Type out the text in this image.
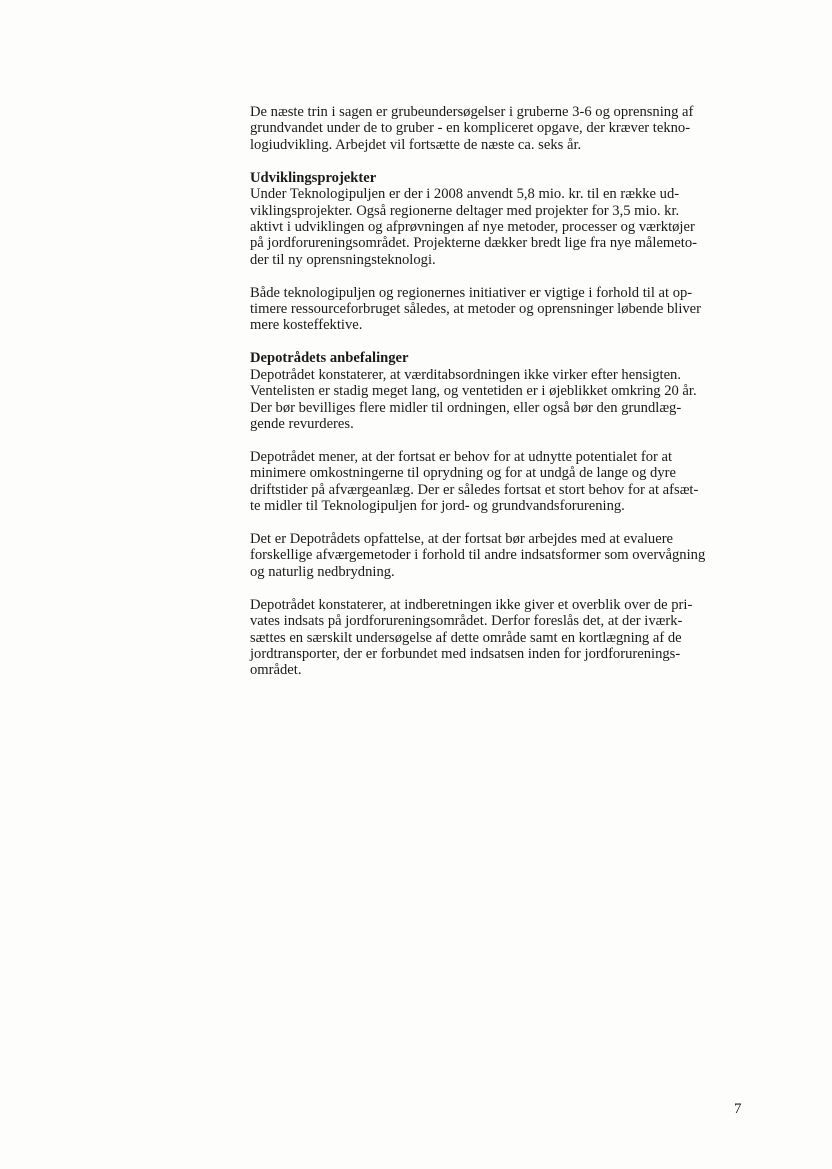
De næste trin i sagen er grubeundersøgelser i gruberne 3-6 og oprensning af
grundvandet under de to gruber - en kompliceret opgave, der kræver tekno-
logiudvikling. Arbejdet vil fortsætte de næste ca. seks år.
Udviklingsprojekter
Under Teknologipuljen er der i 2008 anvendt 5,8 mio. kr. til en række ud-
viklingsprojekter. Også regionerne deltager med projekter for 3,5 mio. kr.
aktivt i udviklingen og afprøvningen af nye metoder, processer og værktøjer
på jordforureningsområdet. Projekterne dækker bredt lige fra nye målemeto-
der til ny oprensningsteknologi.
Både teknologipuljen og regionernes initiativer er vigtige i forhold til at op-
timere ressourceforbruget således, at metoder og oprensninger løbende bliver
mere kosteffektive.
Depotrådets anbefalinger
Depotrådet konstaterer, at værditabsordningen ikke virker efter hensigten.
Ventelisten er stadig meget lang, og ventetiden er i øjeblikket omkring 20 år.
Der bør bevilliges flere midler til ordningen, eller også bør den grundlæg-
gende revurderes.
Depotrådet mener, at der fortsat er behov for at udnytte potentialet for at
minimere omkostningerne til oprydning og for at undgå de lange og dyre
driftstider på afværgeanlæg. Der er således fortsat et stort behov for at afsæt-
te midler til Teknologipuljen for jord- og grundvandsforurening.
Det er Depotrådets opfattelse, at der fortsat bør arbejdes med at evaluere
forskellige afværgemetoder i forhold til andre indsatsformer som overvågning
og naturlig nedbrydning.
Depotrådet konstaterer, at indberetningen ikke giver et overblik over de pri-
vates indsats på jordforureningsområdet. Derfor foreslås det, at der iværk-
sættes en særskilt undersøgelse af dette område samt en kortlægning af de
jordtransporter, der er forbundet med indsatsen inden for jordforurenings-
området.
7
